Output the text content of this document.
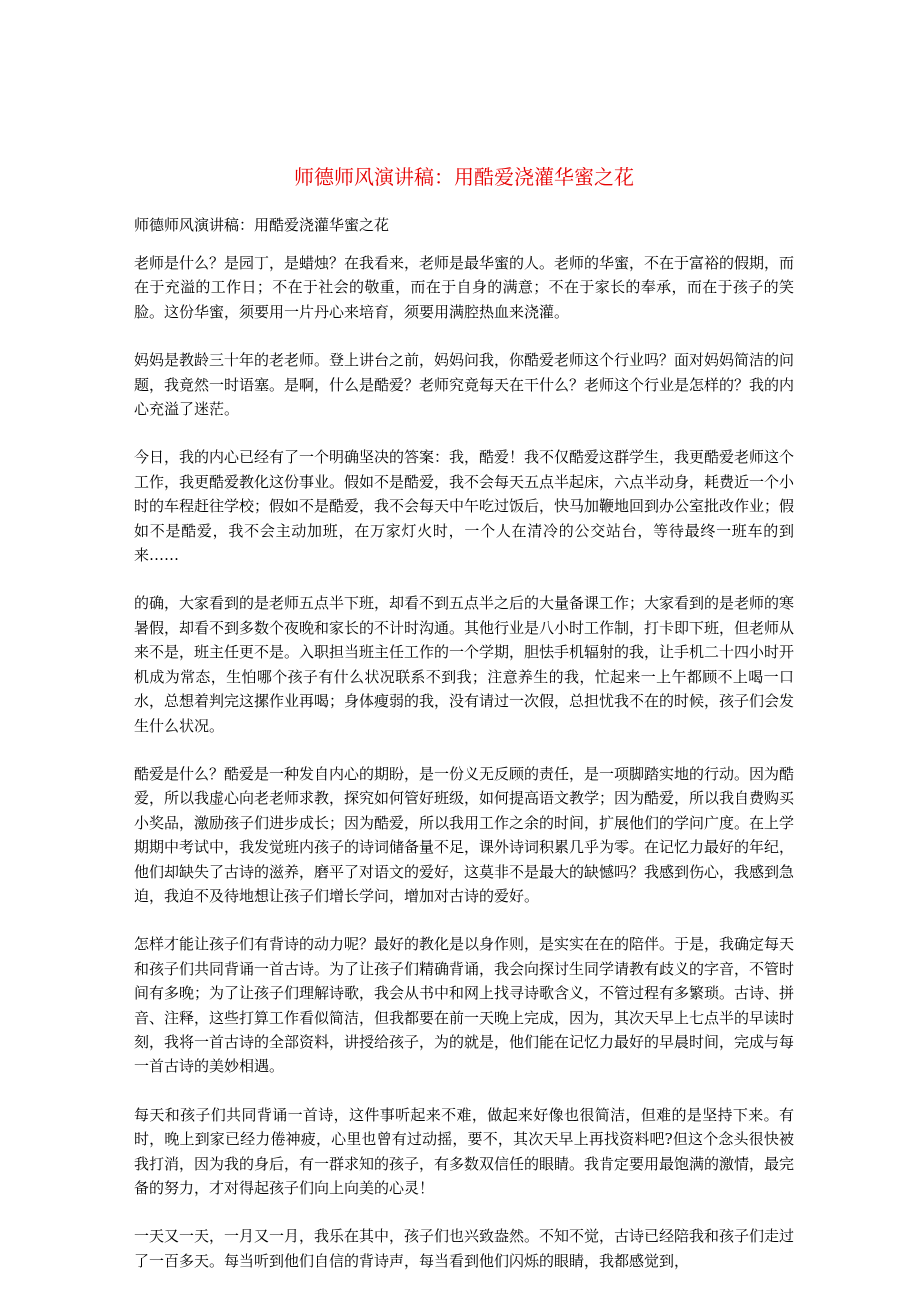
师德师风演讲稿：用酷爱浇灌华蜜之花

师德师风演讲稿：用酷爱浇灌华蜜之花

老师是什么？是园丁，是蜡烛？在我看来，老师是最华蜜的人。老师的华蜜，不在于富裕的假期，而在于充溢的工作日；不在于社会的敬重，而在于自身的满意；不在于家长的奉承，而在于孩子的笑脸。这份华蜜，须要用一片丹心来培育，须要用满腔热血来浇灌。

妈妈是教龄三十年的老老师。登上讲台之前，妈妈问我，你酷爱老师这个行业吗？面对妈妈简洁的问题，我竟然一时语塞。是啊，什么是酷爱？老师究竟每天在干什么？老师这个行业是怎样的？我的内心充溢了迷茫。

今日，我的内心已经有了一个明确坚决的答案：我，酷爱！我不仅酷爱这群学生，我更酷爱老师这个工作，我更酷爱教化这份事业。假如不是酷爱，我不会每天五点半起床，六点半动身，耗费近一个小时的车程赶往学校；假如不是酷爱，我不会每天中午吃过饭后，快马加鞭地回到办公室批改作业；假如不是酷爱，我不会主动加班，在万家灯火时，一个人在清冷的公交站台，等待最终一班车的到来……

的确，大家看到的是老师五点半下班，却看不到五点半之后的大量备课工作；大家看到的是老师的寒暑假，却看不到多数个夜晚和家长的不计时沟通。其他行业是八小时工作制，打卡即下班，但老师从来不是，班主任更不是。入职担当班主任工作的一个学期，胆怯手机辐射的我，让手机二十四小时开机成为常态，生怕哪个孩子有什么状况联系不到我；注意养生的我，忙起来一上午都顾不上喝一口水，总想着判完这摞作业再喝；身体瘦弱的我，没有请过一次假，总担忧我不在的时候，孩子们会发生什么状况。

酷爱是什么？酷爱是一种发自内心的期盼，是一份义无反顾的责任，是一项脚踏实地的行动。因为酷爱，所以我虚心向老老师求教，探究如何管好班级，如何提高语文教学；因为酷爱，所以我自费购买小奖品，激励孩子们进步成长；因为酷爱，所以我用工作之余的时间，扩展他们的学问广度。在上学期期中考试中，我发觉班内孩子的诗词储备量不足，课外诗词积累几乎为零。在记忆力最好的年纪，他们却缺失了古诗的滋养，磨平了对语文的爱好，这莫非不是最大的缺憾吗？我感到伤心，我感到急迫，我迫不及待地想让孩子们增长学问，增加对古诗的爱好。

怎样才能让孩子们有背诗的动力呢？最好的教化是以身作则，是实实在在的陪伴。于是，我确定每天和孩子们共同背诵一首古诗。为了让孩子们精确背诵，我会向探讨生同学请教有歧义的字音，不管时间有多晚；为了让孩子们理解诗歌，我会从书中和网上找寻诗歌含义，不管过程有多繁琐。古诗、拼音、注释，这些打算工作看似简洁，但我都要在前一天晚上完成，因为，其次天早上七点半的早读时刻，我将一首古诗的全部资料，讲授给孩子，为的就是，他们能在记忆力最好的早晨时间，完成与每一首古诗的美妙相遇。

每天和孩子们共同背诵一首诗，这件事听起来不难，做起来好像也很简洁，但难的是坚持下来。有时，晚上到家已经力倦神疲，心里也曾有过动摇，要不，其次天早上再找资料吧?但这个念头很快被我打消，因为我的身后，有一群求知的孩子，有多数双信任的眼睛。我肯定要用最饱满的激情，最完备的努力，才对得起孩子们向上向美的心灵！

一天又一天，一月又一月，我乐在其中，孩子们也兴致盎然。不知不觉，古诗已经陪我和孩子们走过了一百多天。每当听到他们自信的背诗声，每当看到他们闪烁的眼睛，我都感觉到，
